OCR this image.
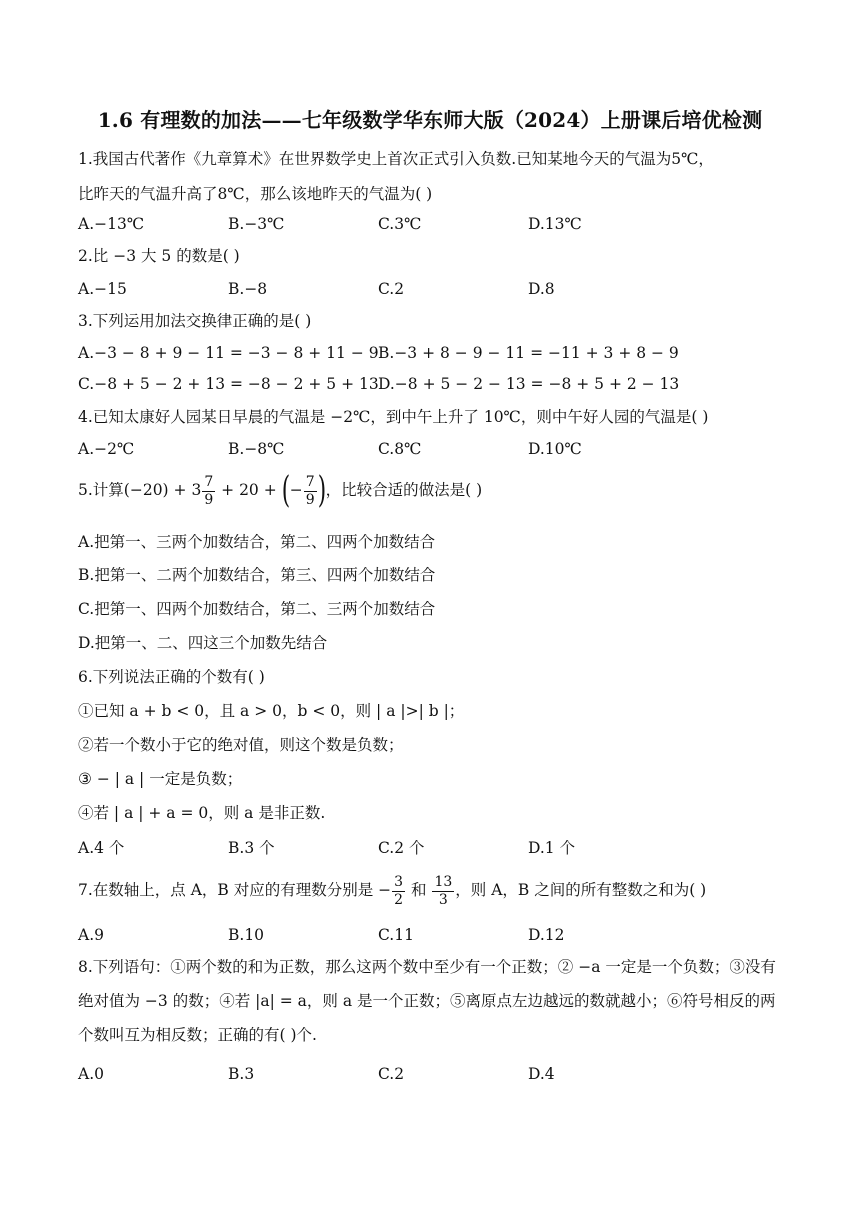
1.6 有理数的加法——七年级数学华东师大版（2024）上册课后培优检测
1.我国古代著作《九章算术》在世界数学史上首次正式引入负数.已知某地今天的气温为5℃，
比昨天的气温升高了8℃，那么该地昨天的气温为( )
A.−13℃	B.−3℃	C.3℃	D.13℃
2.比 −3 大 5 的数是( )
A.−15	B.−8	C.2	D.8
3.下列运用加法交换律正确的是( )
A.−3 − 8 + 9 − 11 = −3 − 8 + 11 − 9 B.−3 + 8 − 9 − 11 = −11 + 3 + 8 − 9
C.−8 + 5 − 2 + 13 = −8 − 2 + 5 + 13 D.−8 + 5 − 2 − 13 = −8 + 5 + 2 − 13
4.已知太康好人园某日早晨的气温是 −2℃，到中午上升了 10℃，则中午好人园的气温是( )
A.−2℃	B.−8℃	C.8℃	D.10℃
5.计算$(-20) + 3 \frac{7}{9} + 20$ + (− $\frac{7}{9}$ )，比较合适的做法是( )
A.把第一、三两个加数结合，第二、四两个加数结合
B.把第一、二两个加数结合，第三、四两个加数结合
C.把第一、四两个加数结合，第二、三两个加数结合
D.把第一、二、四这三个加数先结合
6.下列说法正确的个数有( )
①已知 a + b < 0，且 a > 0，b < 0，则 | a |>| b |；
②若一个数小于它的绝对值，则这个数是负数；
③ − | a | 一定是负数；
④若 | a | + a = 0，则 a 是非正数.
A.4 个	B.3 个	C.2 个	D.1 个
7.在数轴上，点 A，B 对应的有理数分别是 − $\frac{3}{2}$ 和 $\frac{13}{3}$ ，则 A，B 之间的所有整数之和为( )
A.9	B.10	C.11	D.12
8.下列语句：①两个数的和为正数，那么这两个数中至少有一个正数；② −a 一定是一个负数；③没有绝对值为 −3 的数；④若 |a| = a，则 a 是一个正数；⑤离原点左边越远的数就越小；⑥符号相反的两个数叫互为相反数；正确的有( )个.
A.0	B.3	C.2	D.4
